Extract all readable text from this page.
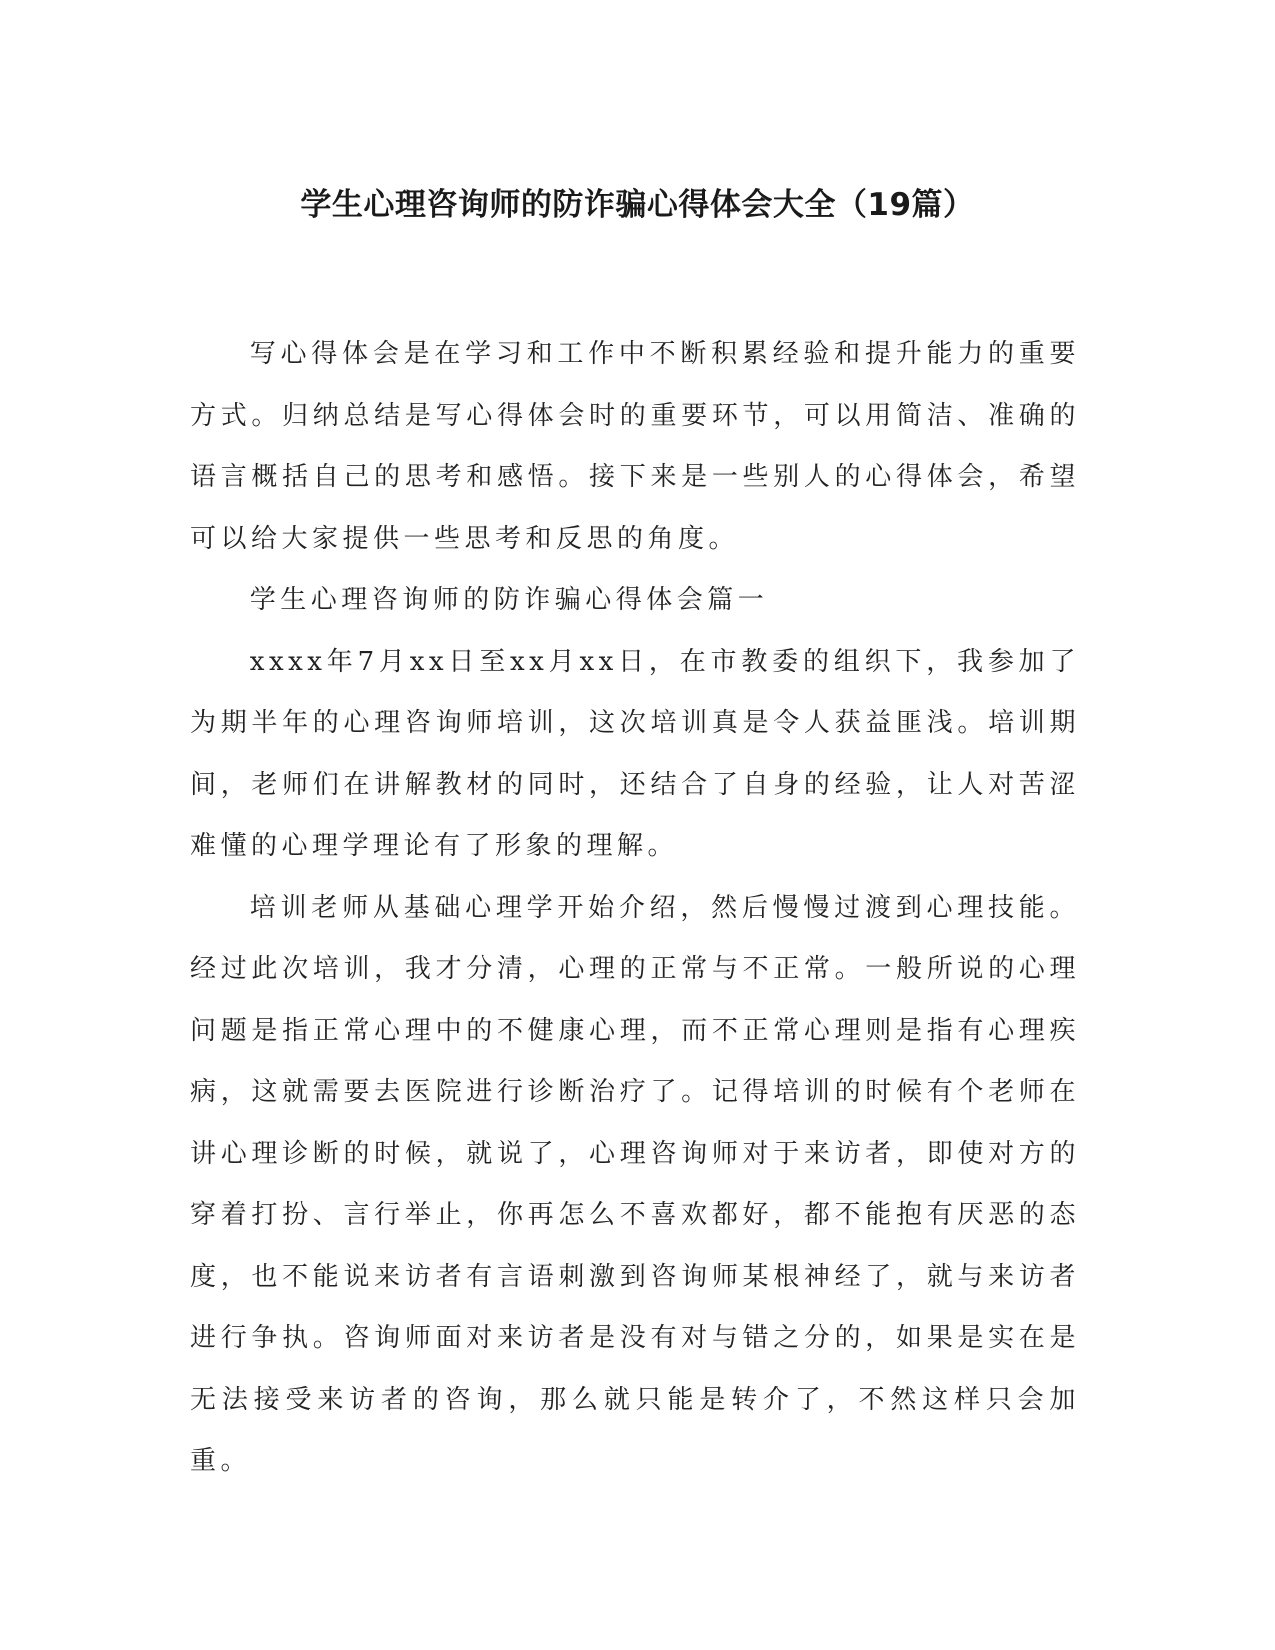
学生心理咨询师的防诈骗心得体会大全（19篇）

写心得体会是在学习和工作中不断积累经验和提升能力的重要方式。归纳总结是写心得体会时的重要环节，可以用简洁、准确的语言概括自己的思考和感悟。接下来是一些别人的心得体会，希望可以给大家提供一些思考和反思的角度。

学生心理咨询师的防诈骗心得体会篇一

xxxx年7月xx日至xx月xx日，在市教委的组织下，我参加了为期半年的心理咨询师培训，这次培训真是令人获益匪浅。培训期间，老师们在讲解教材的同时，还结合了自身的经验，让人对苦涩难懂的心理学理论有了形象的理解。

培训老师从基础心理学开始介绍，然后慢慢过渡到心理技能。经过此次培训，我才分清，心理的正常与不正常。一般所说的心理问题是指正常心理中的不健康心理，而不正常心理则是指有心理疾病，这就需要去医院进行诊断治疗了。记得培训的时候有个老师在讲心理诊断的时候，就说了，心理咨询师对于来访者，即使对方的穿着打扮、言行举止，你再怎么不喜欢都好，都不能抱有厌恶的态度，也不能说来访者有言语刺激到咨询师某根神经了，就与来访者进行争执。咨询师面对来访者是没有对与错之分的，如果是实在是无法接受来访者的咨询，那么就只能是转介了，不然这样只会加重。
